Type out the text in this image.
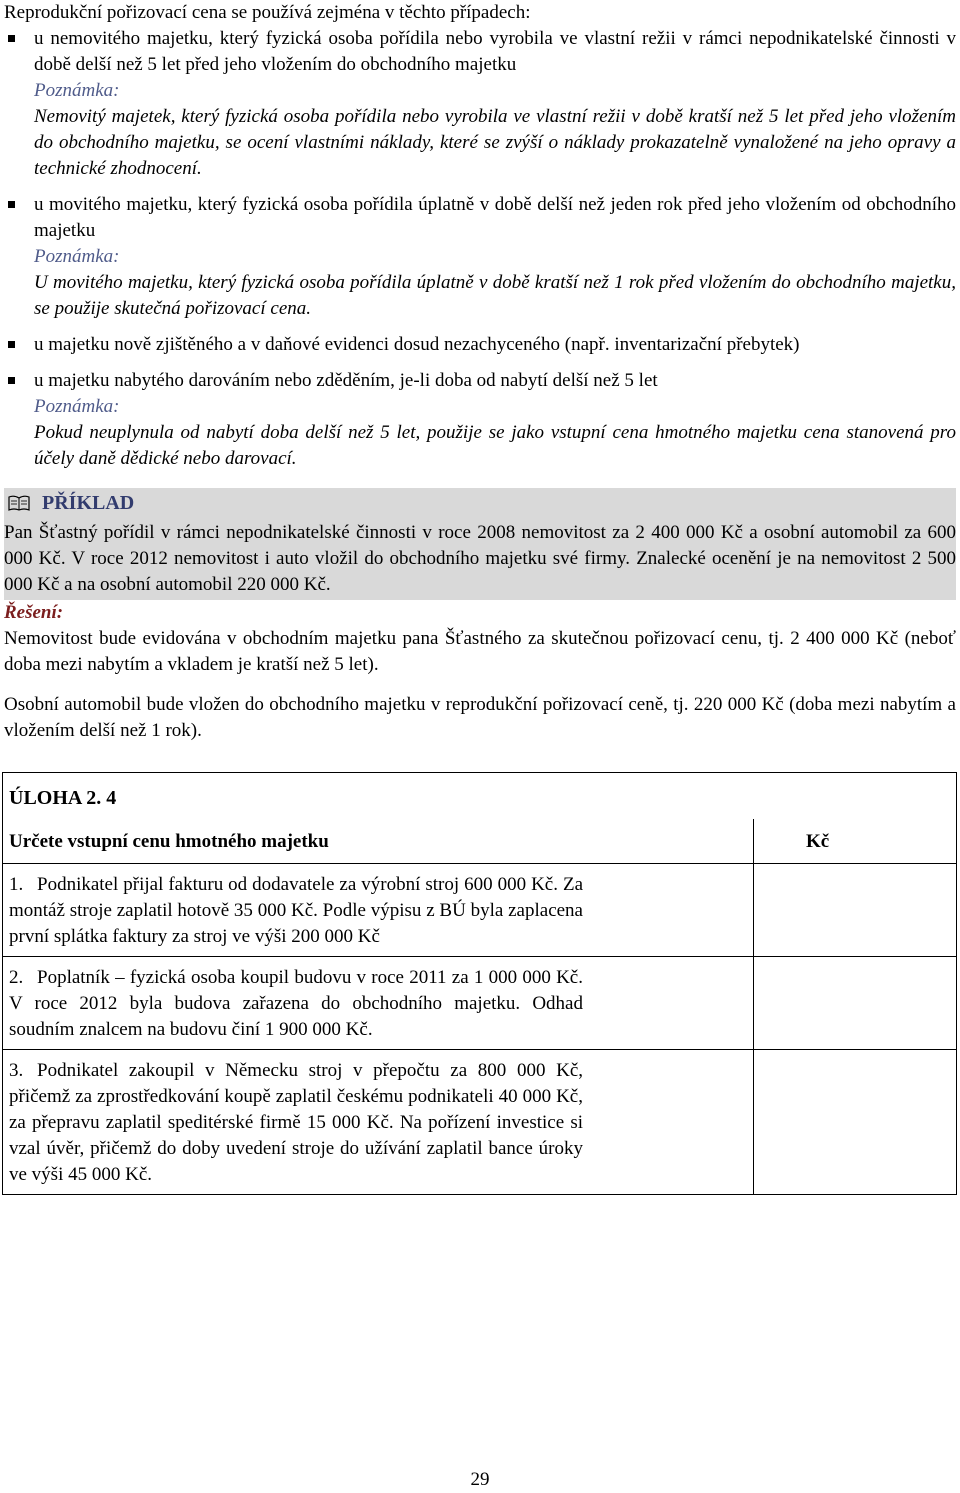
Reprodukční pořizovací cena se používá zejména v těchto případech:

u nemovitého majetku, který fyzická osoba pořídila nebo vyrobila ve vlastní režii v rámci nepodnikatelské činnosti v době delší než 5 let před jeho vložením do obchodního majetku

Poznámka:

Nemovitý majetek, který fyzická osoba pořídila nebo vyrobila ve vlastní režii v době kratší než 5 let před jeho vložením do obchodního majetku, se ocení vlastními náklady, které se zvýší o náklady prokazatelně vynaložené na jeho opravy a technické zhodnocení.

u movitého majetku, který fyzická osoba pořídila úplatně v době delší než jeden rok před jeho vložením od obchodního majetku

Poznámka:

U movitého majetku, který fyzická osoba pořídila úplatně v době kratší než 1 rok před vložením do obchodního majetku, se použije skutečná pořizovací cena.

u majetku nově zjištěného a v daňové evidenci dosud nezachyceného (např. inventarizační přebytek)
u majetku nabytého darováním nebo zděděním, je-li doba od nabytí delší než 5 let

Poznámka:

Pokud neuplynula od nabytí doba delší než 5 let, použije se jako vstupní cena hmotného majetku cena stanovená pro účely daně dědické nebo darovací.

PŘÍKLAD

Pan Šťastný pořídil v rámci nepodnikatelské činnosti v roce 2008 nemovitost za 2 400 000 Kč a osobní automobil za 600 000 Kč. V roce 2012 nemovitost i auto vložil do obchodního majetku své firmy. Znalecké ocenění je na nemovitost 2 500 000 Kč a na osobní automobil 220 000 Kč.

Řešení:

Nemovitost bude evidována v obchodním majetku pana Šťastného za skutečnou pořizovací cenu, tj. 2 400 000 Kč (neboť doba mezi nabytím a vkladem je kratší než 5 let).

Osobní automobil bude vložen do obchodního majetku v reprodukční pořizovací ceně, tj. 220 000 Kč (doba mezi nabytím a vložením delší než 1 rok).

ÚLOHA 2. 4	
Určete vstupní cenu hmotného majetku	Kč
1. Podnikatel přijal fakturu od dodavatele za výrobní stroj 600 000 Kč. Za montáž stroje zaplatil hotově 35 000 Kč. Podle výpisu z BÚ byla zaplacena první splátka faktury za stroj ve výši 200 000 Kč	
2. Poplatník – fyzická osoba koupil budovu v roce 2011 za 1 000 000 Kč. V roce 2012 byla budova zařazena do obchodního majetku. Odhad soudním znalcem na budovu činí 1 900 000 Kč.	
3. Podnikatel zakoupil v Německu stroj v přepočtu za 800 000 Kč, přičemž za zprostředkování koupě zaplatil českému podnikateli 40 000 Kč, za přepravu zaplatil speditérské firmě 15 000 Kč. Na pořízení investice si vzal úvěr, přičemž do doby uvedení stroje do užívání zaplatil bance úroky ve výši 45 000 Kč.	
29
